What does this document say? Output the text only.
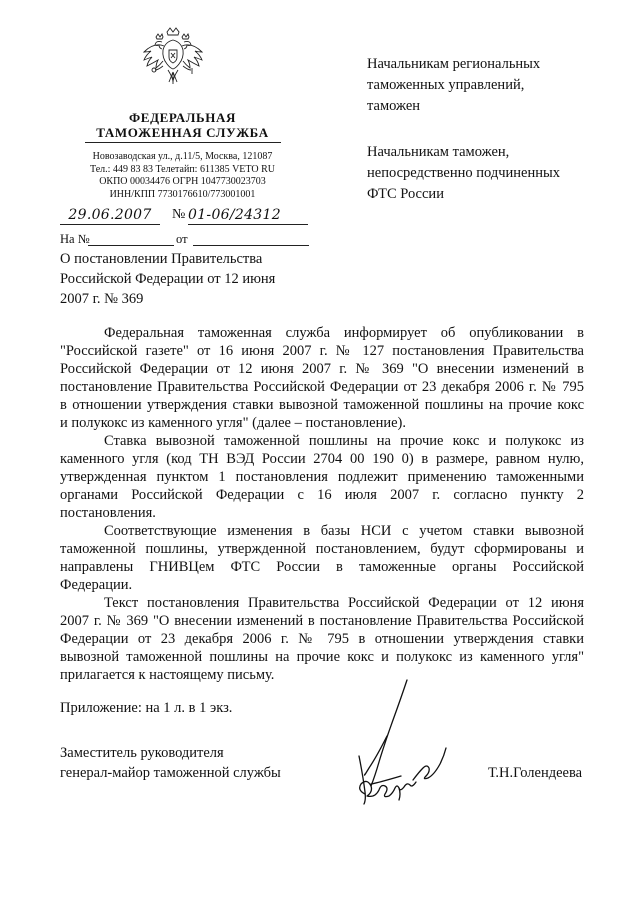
ФЕДЕРАЛЬНАЯ
ТАМОЖЕННАЯ СЛУЖБА
Новозаводская ул., д.11/5, Москва, 121087
Тел.: 449 83 83 Телетайп: 611385 VETO RU
ОКПО 00034476 ОГРН 1047730023703
ИНН/КПП 7730176610/773001001
29.06.2007	№ 01-06/24312
На №	от
О постановлении Правительства
Российской Федерации от 12 июня
2007 г. № 369
Начальникам региональных
таможенных управлений,
таможен
Начальникам таможен,
непосредственно подчиненных
ФТС России
Федеральная таможенная служба информирует об опубликовании в
"Российской газете" от 16 июня 2007 г. № 127 постановления Правительства
Российской Федерации от 12 июня 2007 г. № 369 "О внесении изменений в
постановление Правительства Российской Федерации от 23 декабря 2006 г. № 795
в отношении утверждения ставки вывозной таможенной пошлины на прочие кокс
и полукокс из каменного угля" (далее – постановление).
Ставка вывозной таможенной пошлины на прочие кокс и полукокс из
каменного угля (код ТН ВЭД России 2704 00 190 0) в размере, равном нулю,
утвержденная пунктом 1 постановления подлежит применению таможенными
органами Российской Федерации с 16 июля 2007 г. согласно пункту 2
постановления.
Соответствующие изменения в базы НСИ с учетом ставки вывозной
таможенной пошлины, утвержденной постановлением, будут сформированы и
направлены ГНИВЦем ФТС России в таможенные органы Российской
Федерации.
Текст постановления Правительства Российской Федерации от 12 июня
2007 г. № 369 "О внесении изменений в постановление Правительства Российской
Федерации от 23 декабря 2006 г. № 795 в отношении утверждения ставки
вывозной таможенной пошлины на прочие кокс и полукокс из каменного угля"
прилагается к настоящему письму.
Приложение: на 1 л. в 1 экз.
Заместитель руководителя
генерал-майор таможенной службы	Т.Н.Голендеева
